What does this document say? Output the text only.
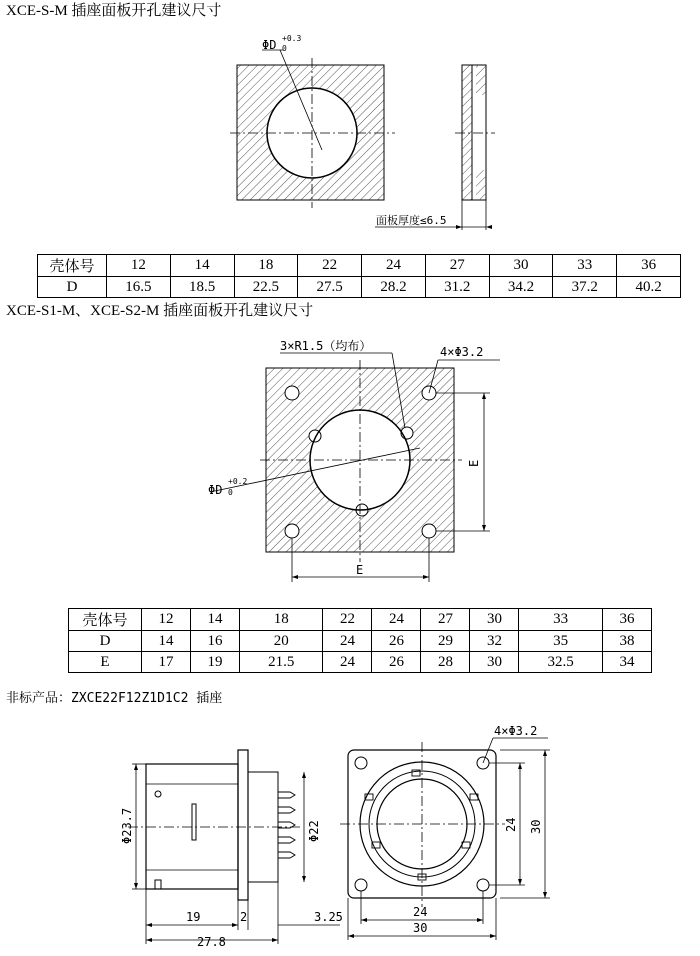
XCE-S-M 插座面板开孔建议尺寸
ΦD +0.3
0
面板厚度≤6.5
壳体号	12	14	18	22	24	27	30	33	36
D	16.5	18.5	22.5	27.5	28.2	31.2	34.2	37.2	40.2
XCE-S1-M、XCE-S2-M 插座面板开孔建议尺寸
3×R1.5（均布）	4×Φ3.2
ΦD
+0.2
0
E
E
壳体号	12	14	18	22	24	27	30	33	36
D	14	16	20	24	26	29	32	35	38
E	17	19	21.5	24	26	28	30	32.5	34
非标产品：ZXCE22F12Z1D1C2 插座
Φ23.7	Φ22
19	2	3.25
27.8
4×Φ3.2
24 30
24
30
